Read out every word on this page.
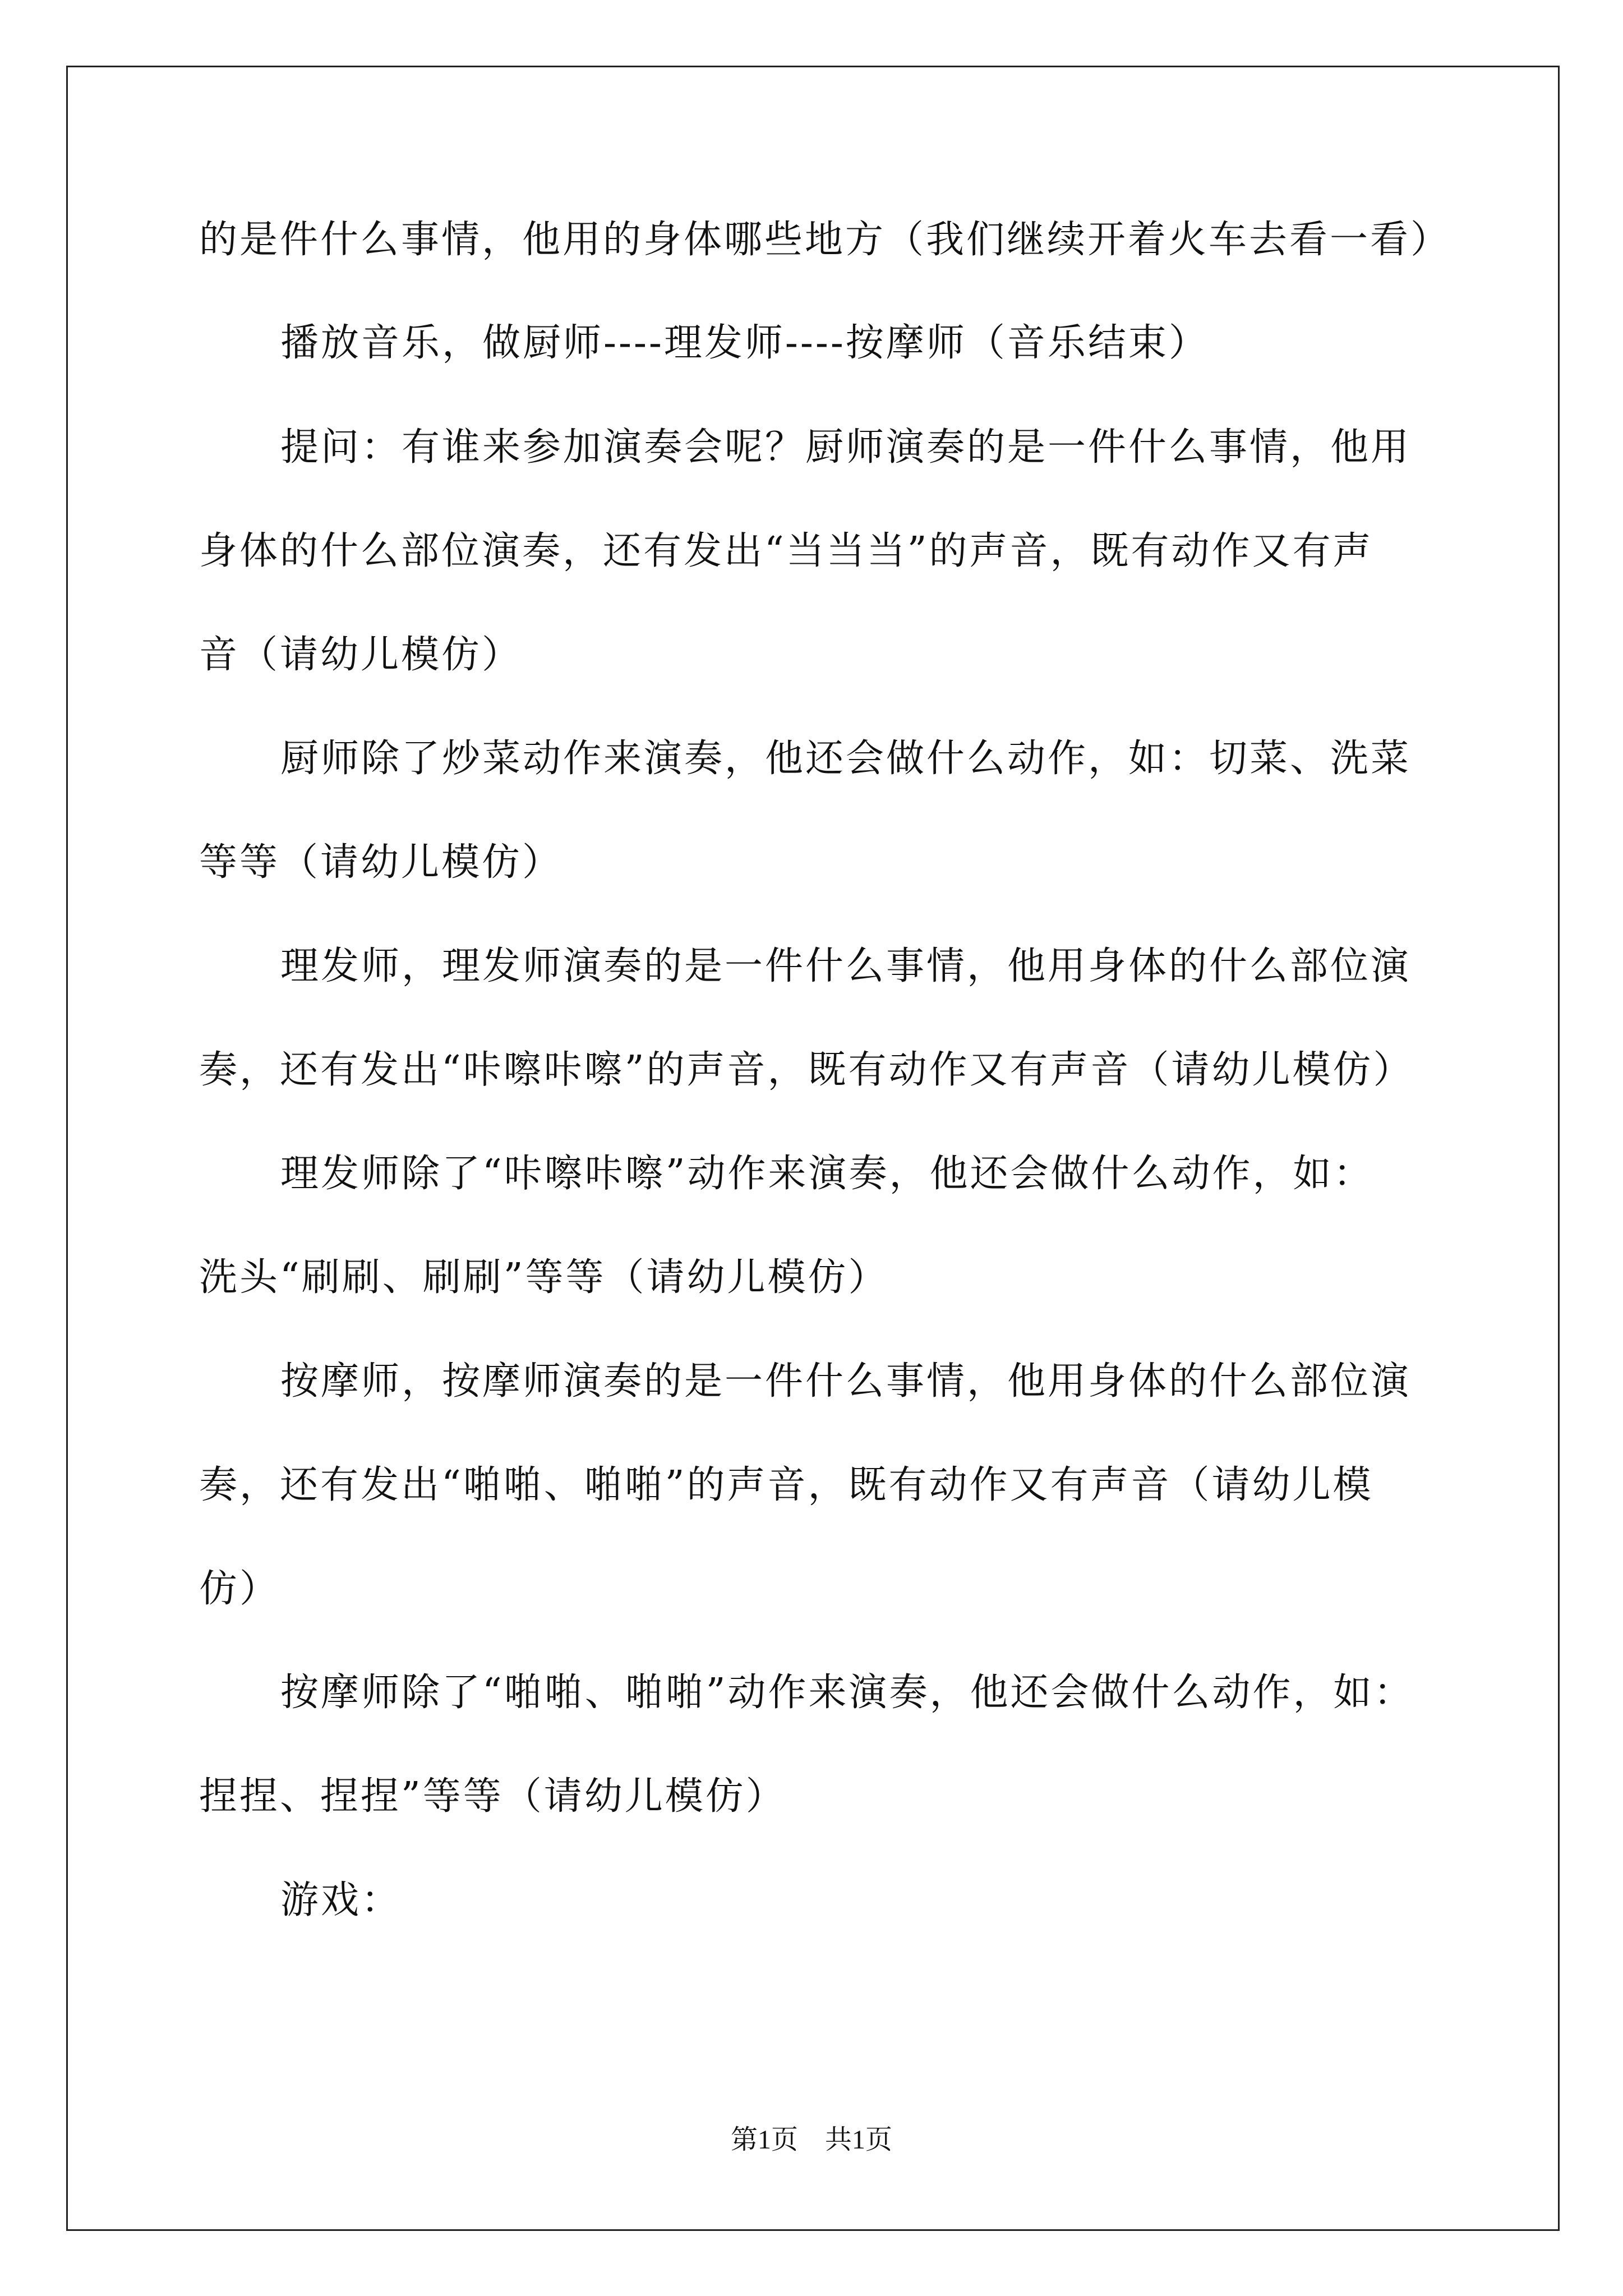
的是件什么事情，他用的身体哪些地方（我们继续开着火车去看一看）
播放音乐，做厨师----理发师----按摩师（音乐结束）
提问：有谁来参加演奏会呢？厨师演奏的是一件什么事情，他用
身体的什么部位演奏，还有发出“当当当”的声音，既有动作又有声
音（请幼儿模仿）
厨师除了炒菜动作来演奏，他还会做什么动作，如：切菜、洗菜
等等（请幼儿模仿）
理发师，理发师演奏的是一件什么事情，他用身体的什么部位演
奏，还有发出“咔嚓咔嚓”的声音，既有动作又有声音（请幼儿模仿）
理发师除了“咔嚓咔嚓”动作来演奏，他还会做什么动作，如：
洗头“刷刷、刷刷”等等（请幼儿模仿）
按摩师，按摩师演奏的是一件什么事情，他用身体的什么部位演
奏，还有发出“啪啪、啪啪”的声音，既有动作又有声音（请幼儿模
仿）
按摩师除了“啪啪、啪啪”动作来演奏，他还会做什么动作，如：
捏捏、捏捏”等等（请幼儿模仿）
游戏：
第1页　共1页
